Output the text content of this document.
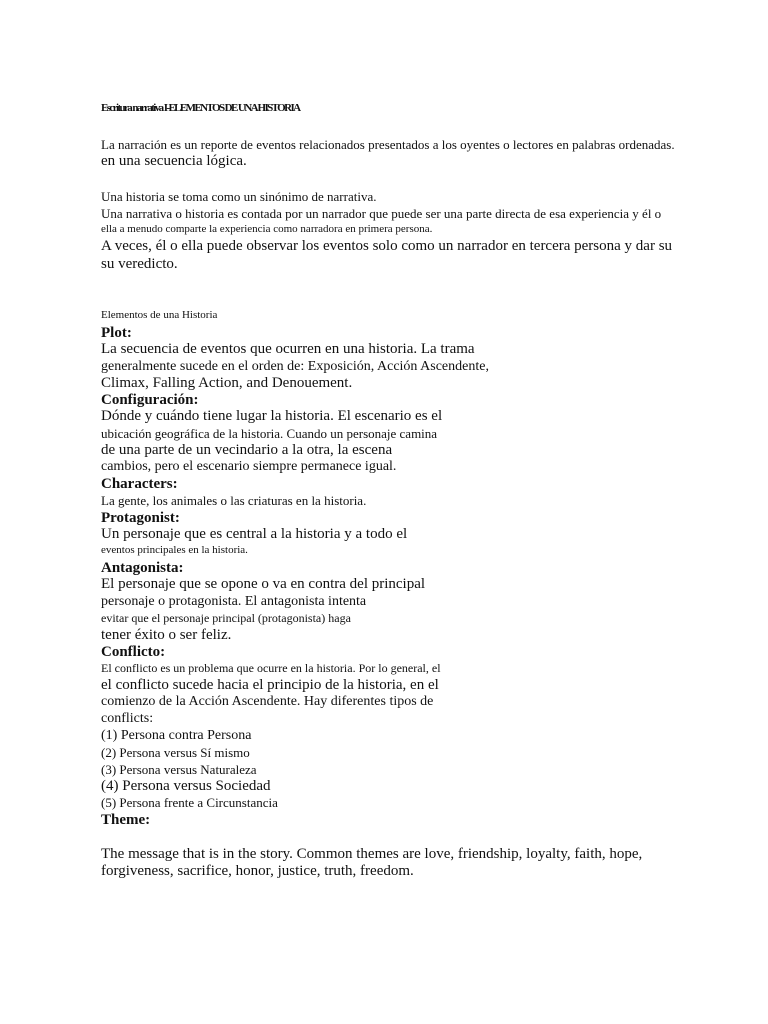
Escritura narrativa I-ELEMENTOS DE UNA HISTORIA
La narración es un reporte de eventos relacionados presentados a los oyentes o lectores en palabras ordenadas.
en una secuencia lógica.
Una historia se toma como un sinónimo de narrativa.
Una narrativa o historia es contada por un narrador que puede ser una parte directa de esa experiencia y él o
ella a menudo comparte la experiencia como narradora en primera persona.
A veces, él o ella puede observar los eventos solo como un narrador en tercera persona y dar su
su veredicto.
Elementos de una Historia
Plot:
La secuencia de eventos que ocurren en una historia. La trama
generalmente sucede en el orden de: Exposición, Acción Ascendente,
Climax, Falling Action, and Denouement.
Configuración:
Dónde y cuándo tiene lugar la historia. El escenario es el
ubicación geográfica de la historia. Cuando un personaje camina
de una parte de un vecindario a la otra, la escena
cambios, pero el escenario siempre permanece igual.
Characters:
La gente, los animales o las criaturas en la historia.
Protagonist:
Un personaje que es central a la historia y a todo el
eventos principales en la historia.
Antagonista:
El personaje que se opone o va en contra del principal
personaje o protagonista. El antagonista intenta
evitar que el personaje principal (protagonista) haga
tener éxito o ser feliz.
Conflicto:
El conflicto es un problema que ocurre en la historia. Por lo general, el
el conflicto sucede hacia el principio de la historia, en el
comienzo de la Acción Ascendente. Hay diferentes tipos de
conflicts:
(1) Persona contra Persona
(2) Persona versus Sí mismo
(3) Persona versus Naturaleza
(4) Persona versus Sociedad
(5) Persona frente a Circunstancia
Theme:
The message that is in the story. Common themes are love, friendship, loyalty, faith, hope,
forgiveness, sacrifice, honor, justice, truth, freedom.
